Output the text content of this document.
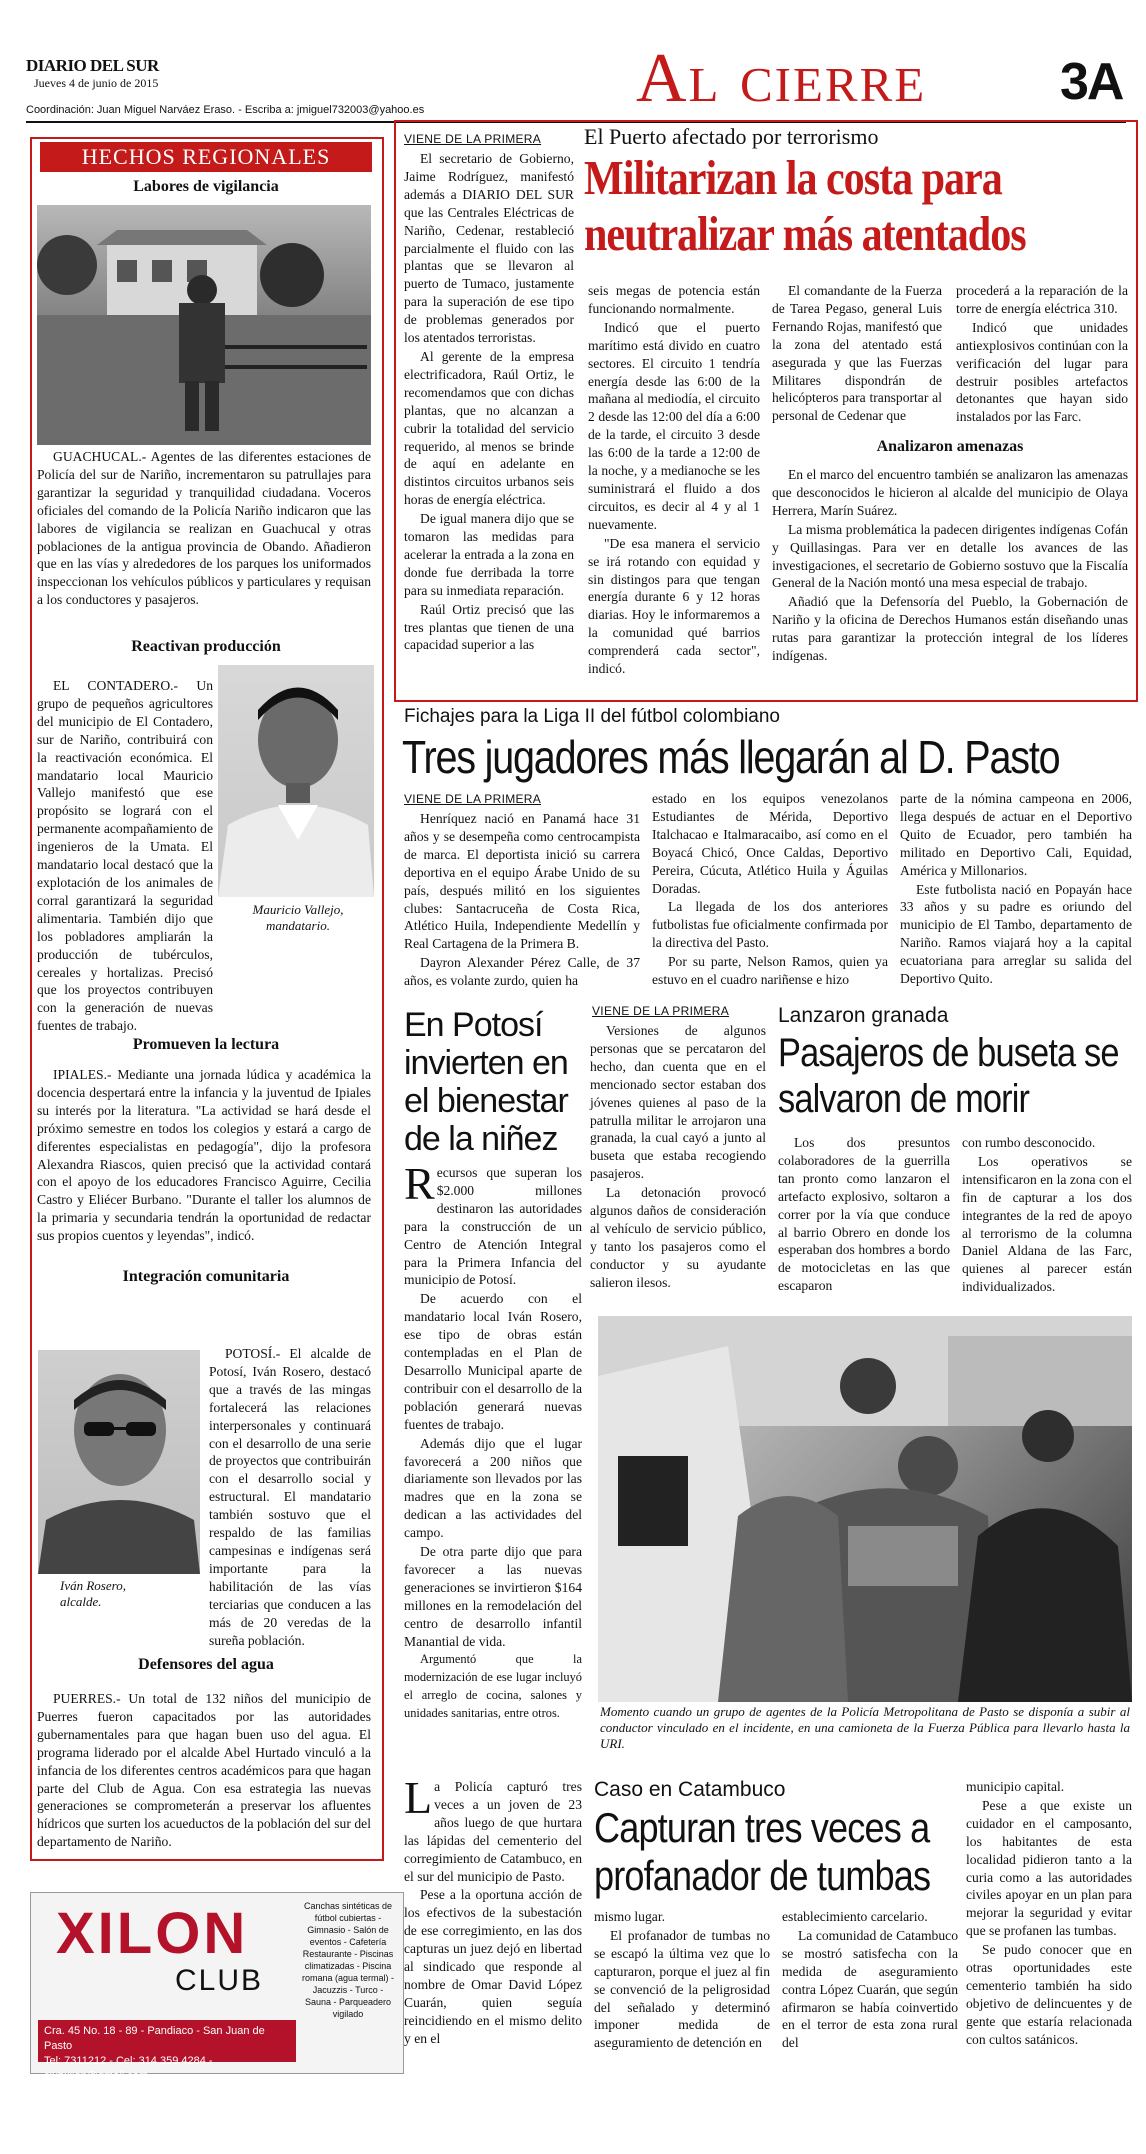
DIARIO DEL SUR
Jueves 4 de junio de 2015
Coordinación: Juan Miguel Narváez Eraso. - Escriba a: jmiguel732003@yahoo.es	Al cierre	3A
HECHOS REGIONALES
Labores de vigilancia
GUACHUCAL.- Agentes de las diferentes estaciones de Policía del sur de Nariño, incrementaron su patrullajes para garantizar la seguridad y tranquilidad ciudadana. Voceros oficiales del comando de la Policía Nariño indicaron que las labores de vigilancia se realizan en Guachucal y otras poblaciones de la antigua provincia de Obando. Añadieron que en las vías y alrededores de los parques los uniformados inspeccionan los vehículos públicos y particulares y requisan a los conductores y pasajeros.
Reactivan producción
Mauricio Vallejo, mandatario.
EL CONTADERO.- Un grupo de pequeños agricultores del municipio de El Contadero, sur de Nariño, contribuirá con la reactivación económica. El mandatario local Mauricio Vallejo manifestó que ese propósito se logrará con el permanente acompañamiento de ingenieros de la Umata. El mandatario local destacó que la explotación de los animales de corral garantizará la seguridad alimentaria. También dijo que los pobladores ampliarán la producción de tubérculos, cereales y hortalizas. Precisó que los proyectos contribuyen con la generación de nuevas fuentes de trabajo.
Promueven la lectura
IPIALES.- Mediante una jornada lúdica y académica la docencia despertará entre la infancia y la juventud de Ipiales su interés por la literatura. "La actividad se hará desde el próximo semestre en todos los colegios y estará a cargo de diferentes especialistas en pedagogía", dijo la profesora Alexandra Riascos, quien precisó que la actividad contará con el apoyo de los educadores Francisco Aguirre, Cecilia Castro y Eliécer Burbano. "Durante el taller los alumnos de la primaria y secundaria tendrán la oportunidad de redactar sus propios cuentos y leyendas", indicó.
Integración comunitaria
Iván Rosero, alcalde.
POTOSÍ.- El alcalde de Potosí, Iván Rosero, destacó que a través de las mingas fortalecerá las relaciones interpersonales y continuará con el desarrollo de una serie de proyectos que contribuirán con el desarrollo social y estructural. El mandatario también sostuvo que el respaldo de las familias campesinas e indígenas será importante para la habilitación de las vías terciarias que conducen a las más de 20 veredas de la sureña población.
Defensores del agua
PUERRES.- Un total de 132 niños del municipio de Puerres fueron capacitados por las autoridades gubernamentales para que hagan buen uso del agua. El programa liderado por el alcalde Abel Hurtado vinculó a la infancia de los diferentes centros académicos para que hagan parte del Club de Agua. Con esa estrategia las nuevas generaciones se comprometerán a preservar los afluentes hídricos que surten los acueductos de la población del sur del departamento de Nariño.
XILON
CLUB
Canchas sintéticas de fútbol cubiertas - Gimnasio - Salón de eventos - Cafetería Restaurante - Piscinas climatizadas - Piscina romana (agua termal) - Jacuzzis - Turco - Sauna - Parqueadero vigilado
Cra. 45 No. 18 - 89 - Pandiaco - San Juan de Pasto
Tel: 7311212 - Cel: 314 359 4284 - clubxilon@gmail.com
VIENE DE LA PRIMERA El Puerto afectado por terrorismo
Militarizan la costa para neutralizar más atentados

El secretario de Gobierno, Jaime Rodríguez, manifestó además a DIARIO DEL SUR que las Centrales Eléctricas de Nariño, Cedenar, restableció parcialmente el fluido con las plantas que se llevaron al puerto de Tumaco, justamente para la superación de ese tipo de problemas generados por los atentados terroristas.

Al gerente de la empresa electrificadora, Raúl Ortiz, le recomendamos que con dichas plantas, que no alcanzan a cubrir la totalidad del servicio requerido, al menos se brinde de aquí en adelante en distintos circuitos urbanos seis horas de energía eléctrica.

De igual manera dijo que se tomaron las medidas para acelerar la entrada a la zona en donde fue derribada la torre para su inmediata reparación.

Raúl Ortiz precisó que las tres plantas que tienen de una capacidad superior a las

seis megas de potencia están funcionando normalmente.

Indicó que el puerto marítimo está divido en cuatro sectores. El circuito 1 tendría energía desde las 6:00 de la mañana al mediodía, el circuito 2 desde las 12:00 del día a 6:00 de la tarde, el circuito 3 desde las 6:00 de la tarde a 12:00 de la noche, y a medianoche se les suministrará el fluido a dos circuitos, es decir al 4 y al 1 nuevamente.

"De esa manera el servicio se irá rotando con equidad y sin distingos para que tengan energía durante 6 y 12 horas diarias. Hoy le informaremos a la comunidad qué barrios comprenderá cada sector", indicó.

El comandante de la Fuerza de Tarea Pegaso, general Luis Fernando Rojas, manifestó que la zona del atentado está asegurada y que las Fuerzas Militares dispondrán de helicópteros para transportar al personal de Cedenar que

procederá a la reparación de la torre de energía eléctrica 310.

Indicó que unidades antiexplosivos continúan con la verificación del lugar para destruir posibles artefactos detonantes que hayan sido instalados por las Farc.

Analizaron amenazas

En el marco del encuentro también se analizaron las amenazas que desconocidos le hicieron al alcalde del municipio de Olaya Herrera, Marín Suárez.

La misma problemática la padecen dirigentes indígenas Cofán y Quillasingas. Para ver en detalle los avances de las investigaciones, el secretario de Gobierno sostuvo que la Fiscalía General de la Nación montó una mesa especial de trabajo.

Añadió que la Defensoría del Pueblo, la Gobernación de Nariño y la oficina de Derechos Humanos están diseñando unas rutas para garantizar la protección integral de los líderes indígenas.

Fichajes para la Liga II del fútbol colombiano
Tres jugadores más llegarán al D. Pasto
VIENE DE LA PRIMERA

Henríquez nació en Panamá hace 31 años y se desempeña como centrocampista de marca. El deportista inició su carrera deportiva en el equipo Árabe Unido de su país, después militó en los siguientes clubes: Santacruceña de Costa Rica, Atlético Huila, Independiente Medellín y Real Cartagena de la Primera B.

Dayron Alexander Pérez Calle, de 37 años, es volante zurdo, quien ha

estado en los equipos venezolanos Estudiantes de Mérida, Deportivo Italchacao e Italmaracaibo, así como en el Boyacá Chicó, Once Caldas, Deportivo Pereira, Cúcuta, Atlético Huila y Águilas Doradas.

La llegada de los dos anteriores futbolistas fue oficialmente confirmada por la directiva del Pasto.

Por su parte, Nelson Ramos, quien ya estuvo en el cuadro nariñense e hizo

parte de la nómina campeona en 2006, llega después de actuar en el Deportivo Quito de Ecuador, pero también ha militado en Deportivo Cali, Equidad, América y Millonarios.

Este futbolista nació en Popayán hace 33 años y su padre es oriundo del municipio de El Tambo, departamento de Nariño. Ramos viajará hoy a la capital ecuatoriana para arreglar su salida del Deportivo Quito.

En Potosí invierten en el bienestar de la niñez

Recursos que superan los $2.000 millones destinaron las autoridades para la construcción de un Centro de Atención Integral para la Primera Infancia del municipio de Potosí.

De acuerdo con el mandatario local Iván Rosero, ese tipo de obras están contempladas en el Plan de Desarrollo Municipal aparte de contribuir con el desarrollo de la población generará nuevas fuentes de trabajo.

Además dijo que el lugar favorecerá a 200 niños que diariamente son llevados por las madres que en la zona se dedican a las actividades del campo.

De otra parte dijo que para favorecer a las nuevas generaciones se invirtieron $164 millones en la remodelación del centro de desarrollo infantil Manantial de vida.

Argumentó que la modernización de ese lugar incluyó el arreglo de cocina, salones y unidades sanitarias, entre otros.

VIENE DE LA PRIMERA

Versiones de algunos personas que se percataron del hecho, dan cuenta que en el mencionado sector estaban dos jóvenes quienes al paso de la patrulla militar le arrojaron una granada, la cual cayó a junto al buseta que estaba recogiendo pasajeros.

La detonación provocó algunos daños de consideración al vehículo de servicio público, y tanto los pasajeros como el conductor y su ayudante salieron ilesos.

Lanzaron granada
Pasajeros de buseta se salvaron de morir

Los dos presuntos colaboradores de la guerrilla tan pronto como lanzaron el artefacto explosivo, soltaron a correr por la vía que conduce al barrio Obrero en donde los esperaban dos hombres a bordo de motocicletas en las que escaparon

con rumbo desconocido.

Los operativos se intensificaron en la zona con el fin de capturar a los dos integrantes de la red de apoyo al terrorismo de la columna Daniel Aldana de las Farc, quienes al parecer están individualizados.

Momento cuando un grupo de agentes de la Policía Metropolitana de Pasto se disponía a subir al conductor vinculado en el incidente, en una camioneta de la Fuerza Pública para llevarlo hasta la URI.

La Policía capturó tres veces a un joven de 23 años luego de que hurtara las lápidas del cementerio del corregimiento de Catambuco, en el sur del municipio de Pasto.

Pese a la oportuna acción de los efectivos de la subestación de ese corregimiento, en las dos capturas un juez dejó en libertad al sindicado que responde al nombre de Omar David López Cuarán, quien seguía reincidiendo en el mismo delito y en el

Caso en Catambuco
Capturan tres veces a profanador de tumbas

mismo lugar.

El profanador de tumbas no se escapó la última vez que lo capturaron, porque el juez al fin se convenció de la peligrosidad del señalado y determinó imponer medida de aseguramiento de detención en

establecimiento carcelario.

La comunidad de Catambuco se mostró satisfecha con la medida de aseguramiento contra López Cuarán, que según afirmaron se había coinvertido en el terror de esta zona rural del

municipio capital.

Pese a que existe un cuidador en el camposanto, los habitantes de esta localidad pidieron tanto a la curia como a las autoridades civiles apoyar en un plan para mejorar la seguridad y evitar que se profanen las tumbas.

Se pudo conocer que en otras oportunidades este cementerio también ha sido objetivo de delincuentes y de gente que estaría relacionada con cultos satánicos.
